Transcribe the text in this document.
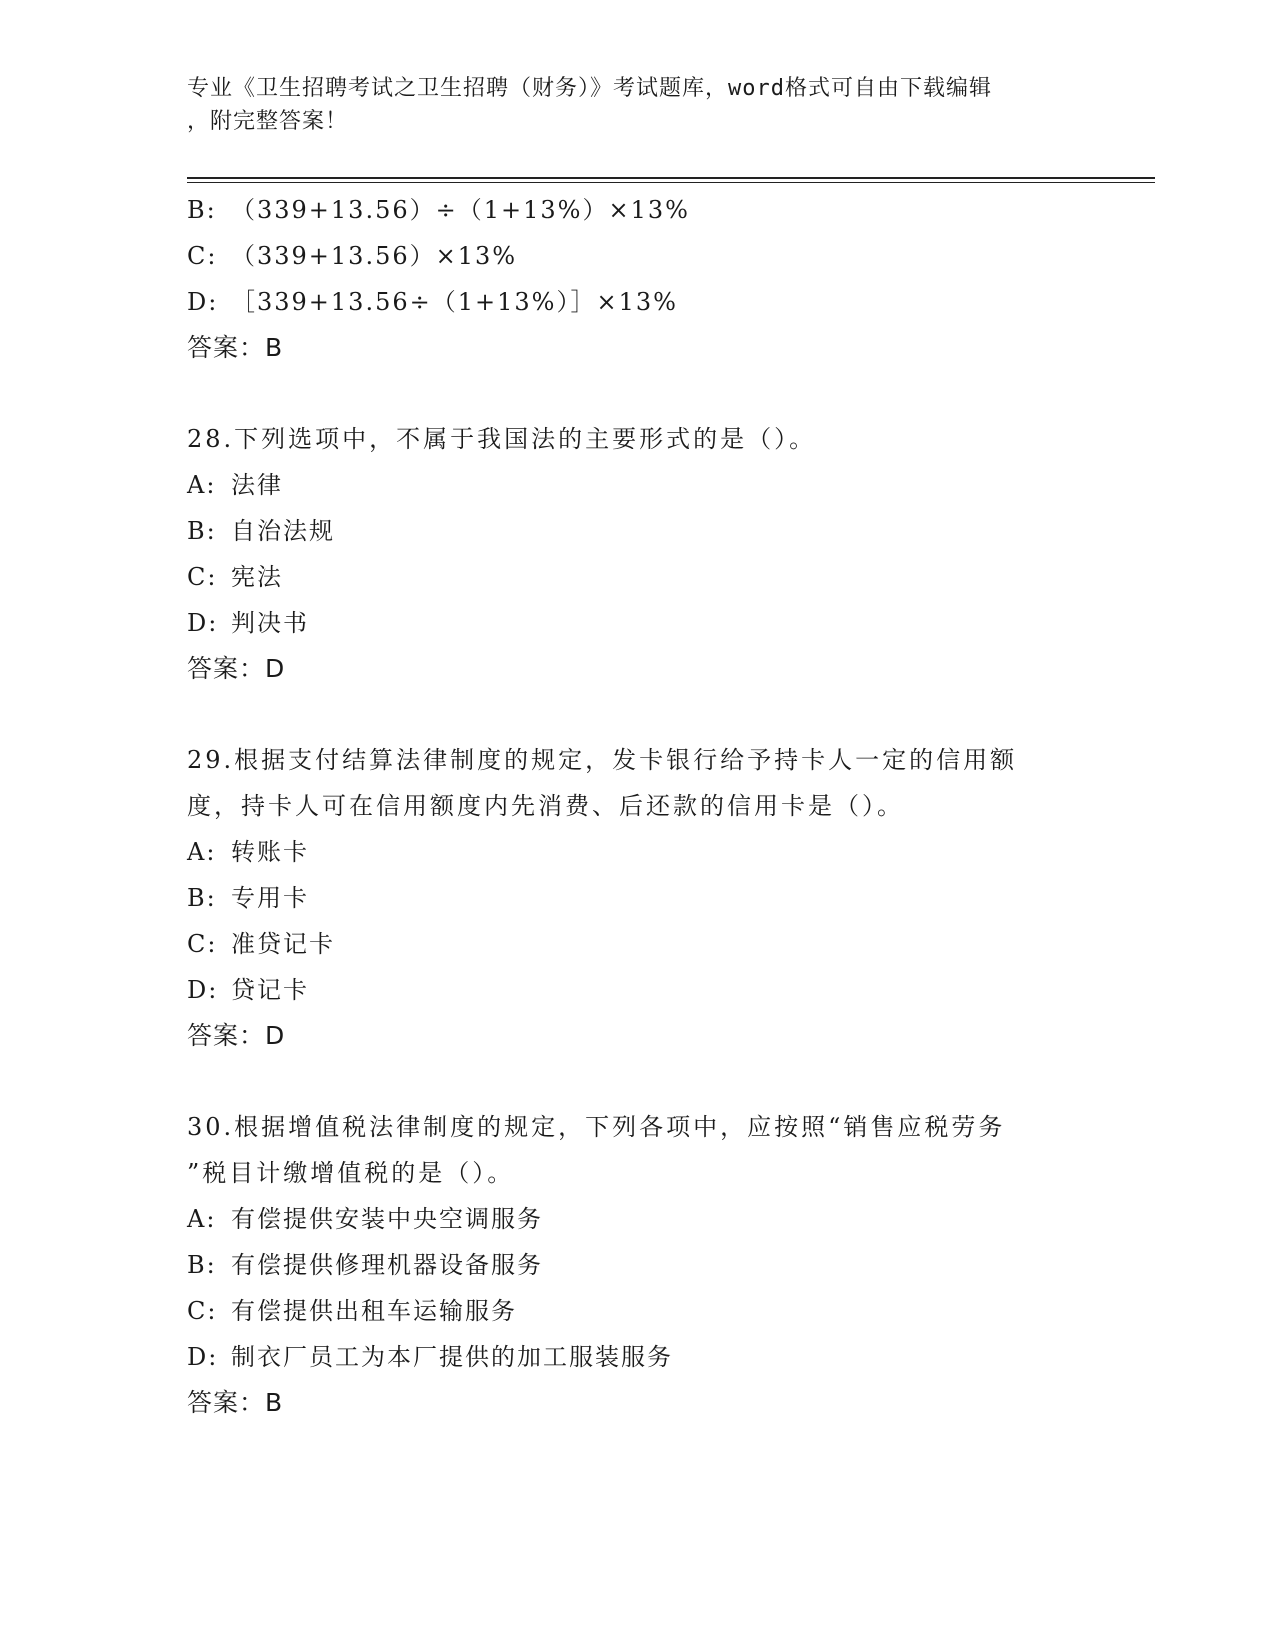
专业《卫生招聘考试之卫生招聘（财务）》考试题库，word格式可自由下载编辑
，附完整答案！
B: （339+13.56）÷（1+13%）×13%
C: （339+13.56）×13%
D: ［339+13.56÷（1+13%）］×13%
答案：B
28.下列选项中，不属于我国法的主要形式的是（）。
A: 法律
B: 自治法规
C: 宪法
D: 判决书
答案：D
29.根据支付结算法律制度的规定，发卡银行给予持卡人一定的信用额
度，持卡人可在信用额度内先消费、后还款的信用卡是（）。
A: 转账卡
B: 专用卡
C: 准贷记卡
D: 贷记卡
答案：D
30.根据增值税法律制度的规定，下列各项中，应按照“销售应税劳务
”税目计缴增值税的是（）。
A: 有偿提供安装中央空调服务
B: 有偿提供修理机器设备服务
C: 有偿提供出租车运输服务
D: 制衣厂员工为本厂提供的加工服装服务
答案：B
